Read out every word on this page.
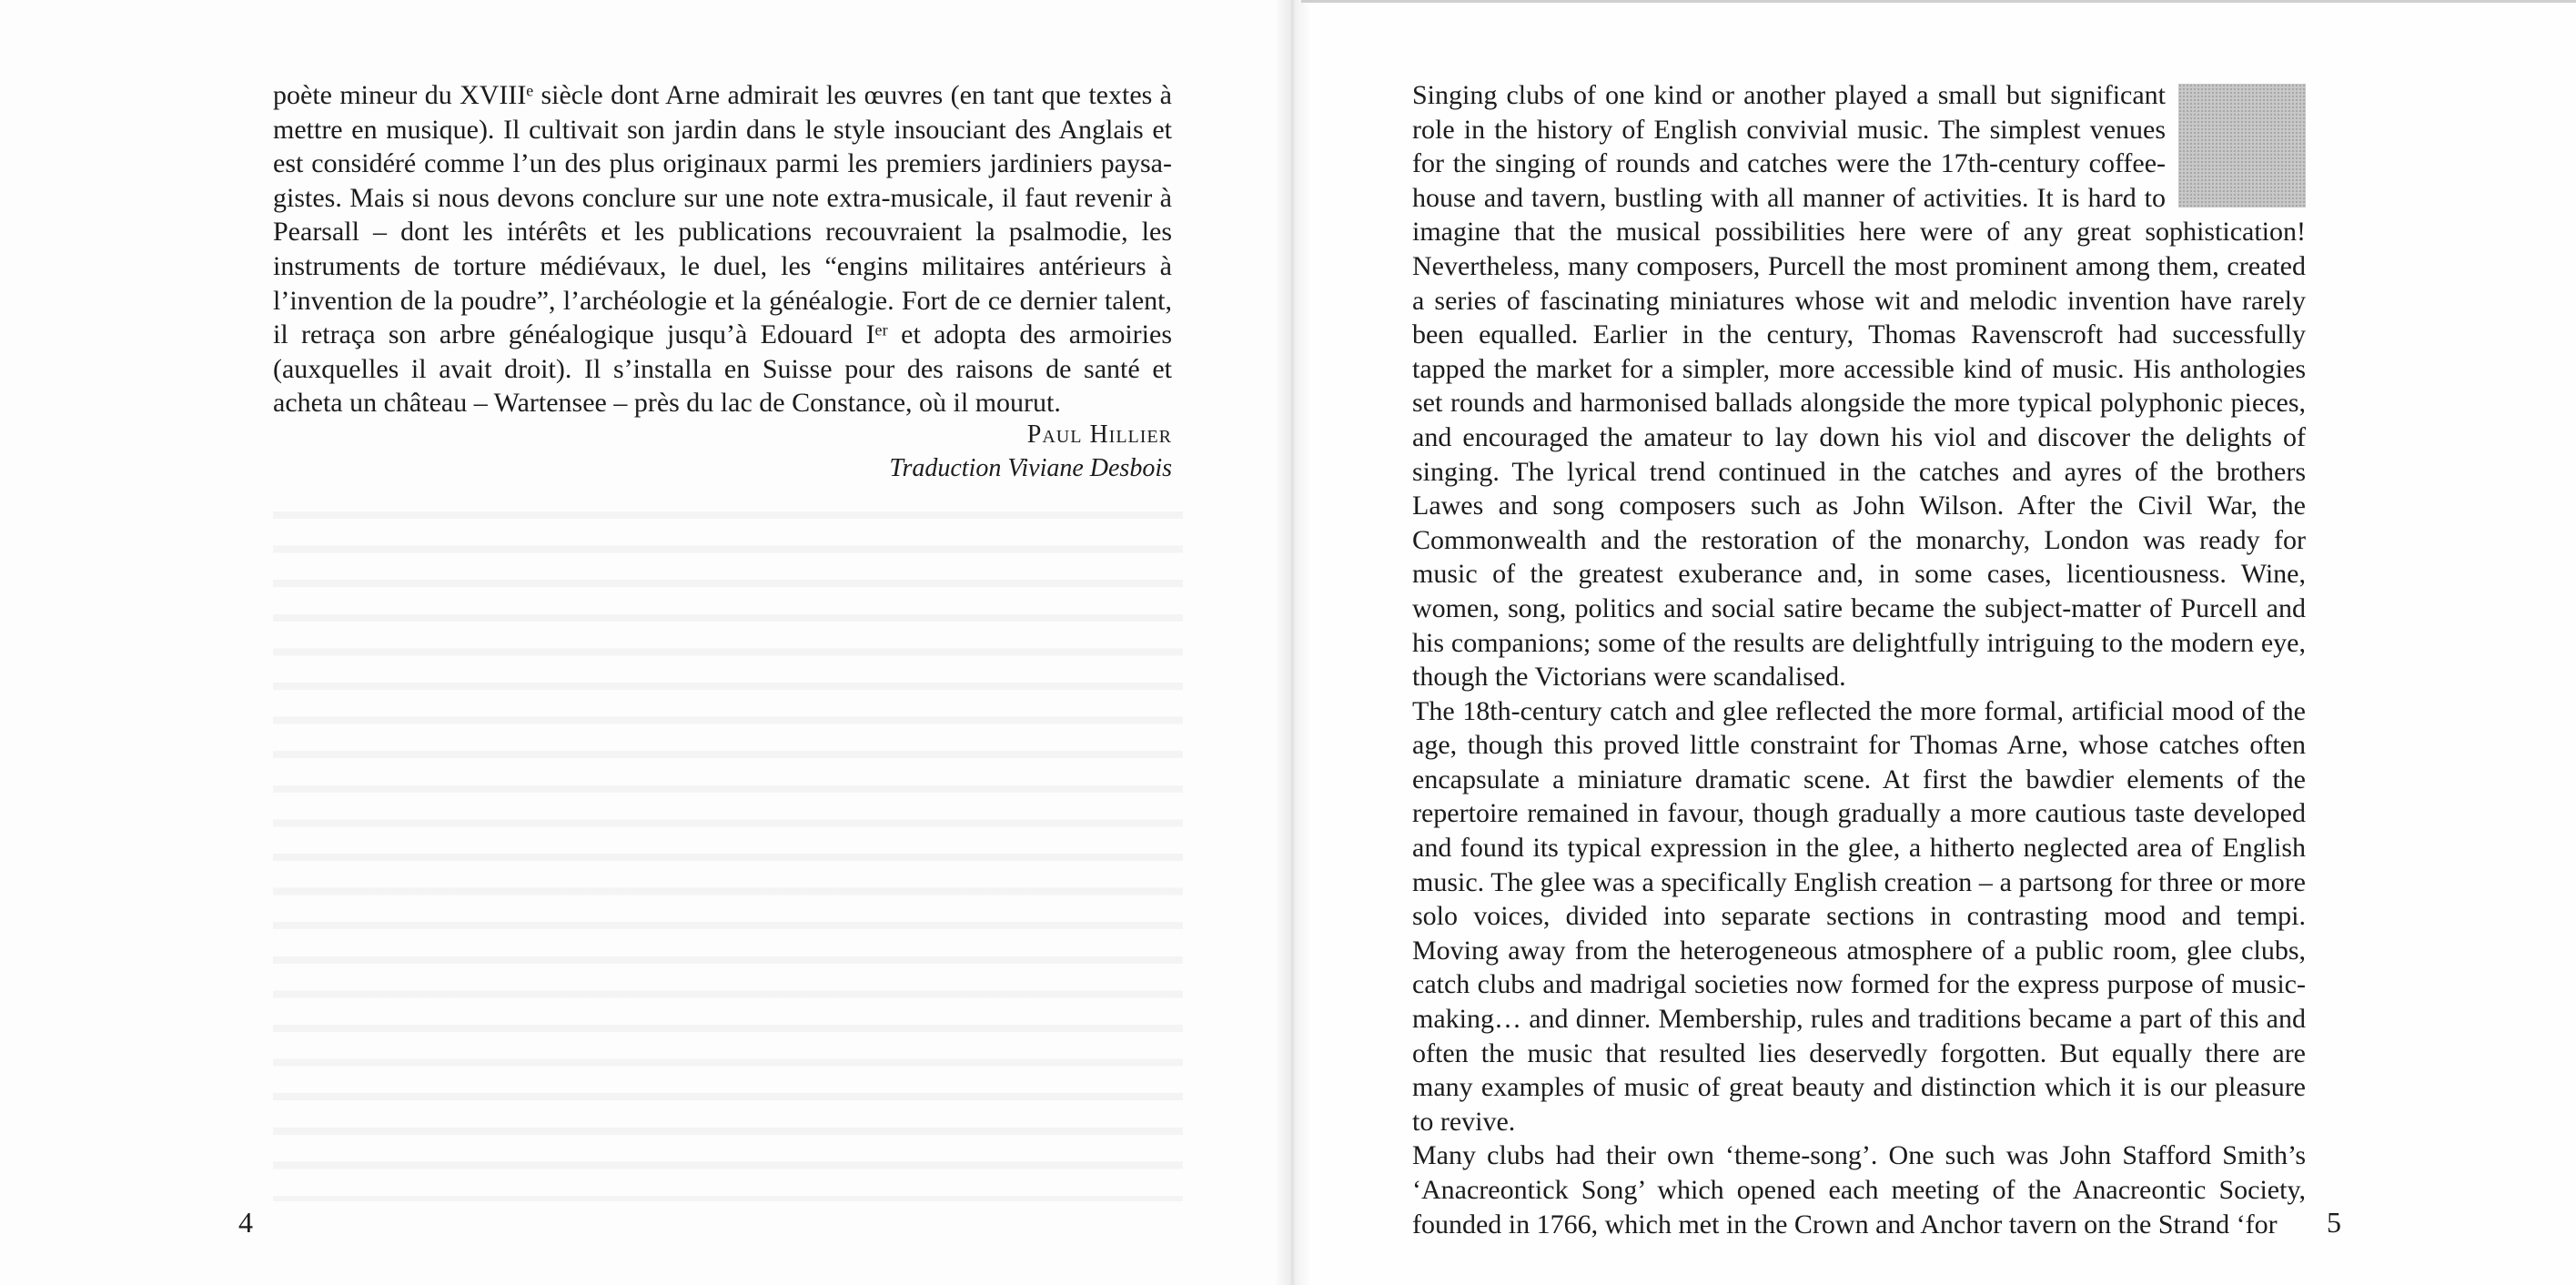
poète mineur du XVIIIᵉ siècle dont Arne admirait les œuvres (en tant que textes à mettre en musique). Il cultivait son jardin dans le style insouciant des Anglais et est considéré comme l’un des plus originaux parmi les premiers jardiniers paysagistes. Mais si nous devons conclure sur une note extra-musicale, il faut revenir à Pearsall – dont les intérêts et les publications recouvraient la psalmodie, les instruments de torture médiévaux, le duel, les “engins militaires antérieurs à l’invention de la poudre”, l’archéologie et la généalogie. Fort de ce dernier talent, il retraça son arbre généalogique jusqu’à Edouard Iᵉʳ et adopta des armoiries (auxquelles il avait droit). Il s’installa en Suisse pour des raisons de santé et acheta un château – Wartensee – près du lac de Constance, où il mourut.

Paul Hillier
Traduction Viviane Desbois
4

Singing clubs of one kind or another played a small but significant role in the history of English convivial music. The simplest venues for the singing of rounds and catches were the 17th-century coffee-house and tavern, bustling with all manner of activities. It is hard to imagine that the musical possibilities here were of any great sophistication! Nevertheless, many composers, Purcell the most prominent among them, created a series of fascinating miniatures whose wit and melodic invention have rarely been equalled. Earlier in the century, Thomas Ravenscroft had successfully tapped the market for a simpler, more accessible kind of music. His anthologies set rounds and harmonised ballads alongside the more typical polyphonic pieces, and encouraged the amateur to lay down his viol and discover the delights of singing. The lyrical trend continued in the catches and ayres of the brothers Lawes and song composers such as John Wilson. After the Civil War, the Commonwealth and the restoration of the monarchy, London was ready for music of the greatest exuberance and, in some cases, licentiousness. Wine, women, song, politics and social satire became the subject-matter of Purcell and his companions; some of the results are delightfully intriguing to the modern eye, though the Victorians were scandalised.

The 18th-century catch and glee reflected the more formal, artificial mood of the age, though this proved little constraint for Thomas Arne, whose catches often encapsulate a miniature dramatic scene. At first the bawdier elements of the repertoire remained in favour, though gradually a more cautious taste developed and found its typical expression in the glee, a hitherto neglected area of English music. The glee was a specifically English creation – a partsong for three or more solo voices, divided into separate sections in contrasting mood and tempi. Moving away from the heterogeneous atmosphere of a public room, glee clubs, catch clubs and madrigal societies now formed for the express purpose of music-making… and dinner. Membership, rules and traditions became a part of this and often the music that resulted lies deservedly forgotten. But equally there are many examples of music of great beauty and distinction which it is our pleasure to revive.

Many clubs had their own ‘theme-song’. One such was John Stafford Smith’s ‘Anacreontick Song’ which opened each meeting of the Anacreontic Society, founded in 1766, which met in the Crown and Anchor tavern on the Strand ‘for	5
